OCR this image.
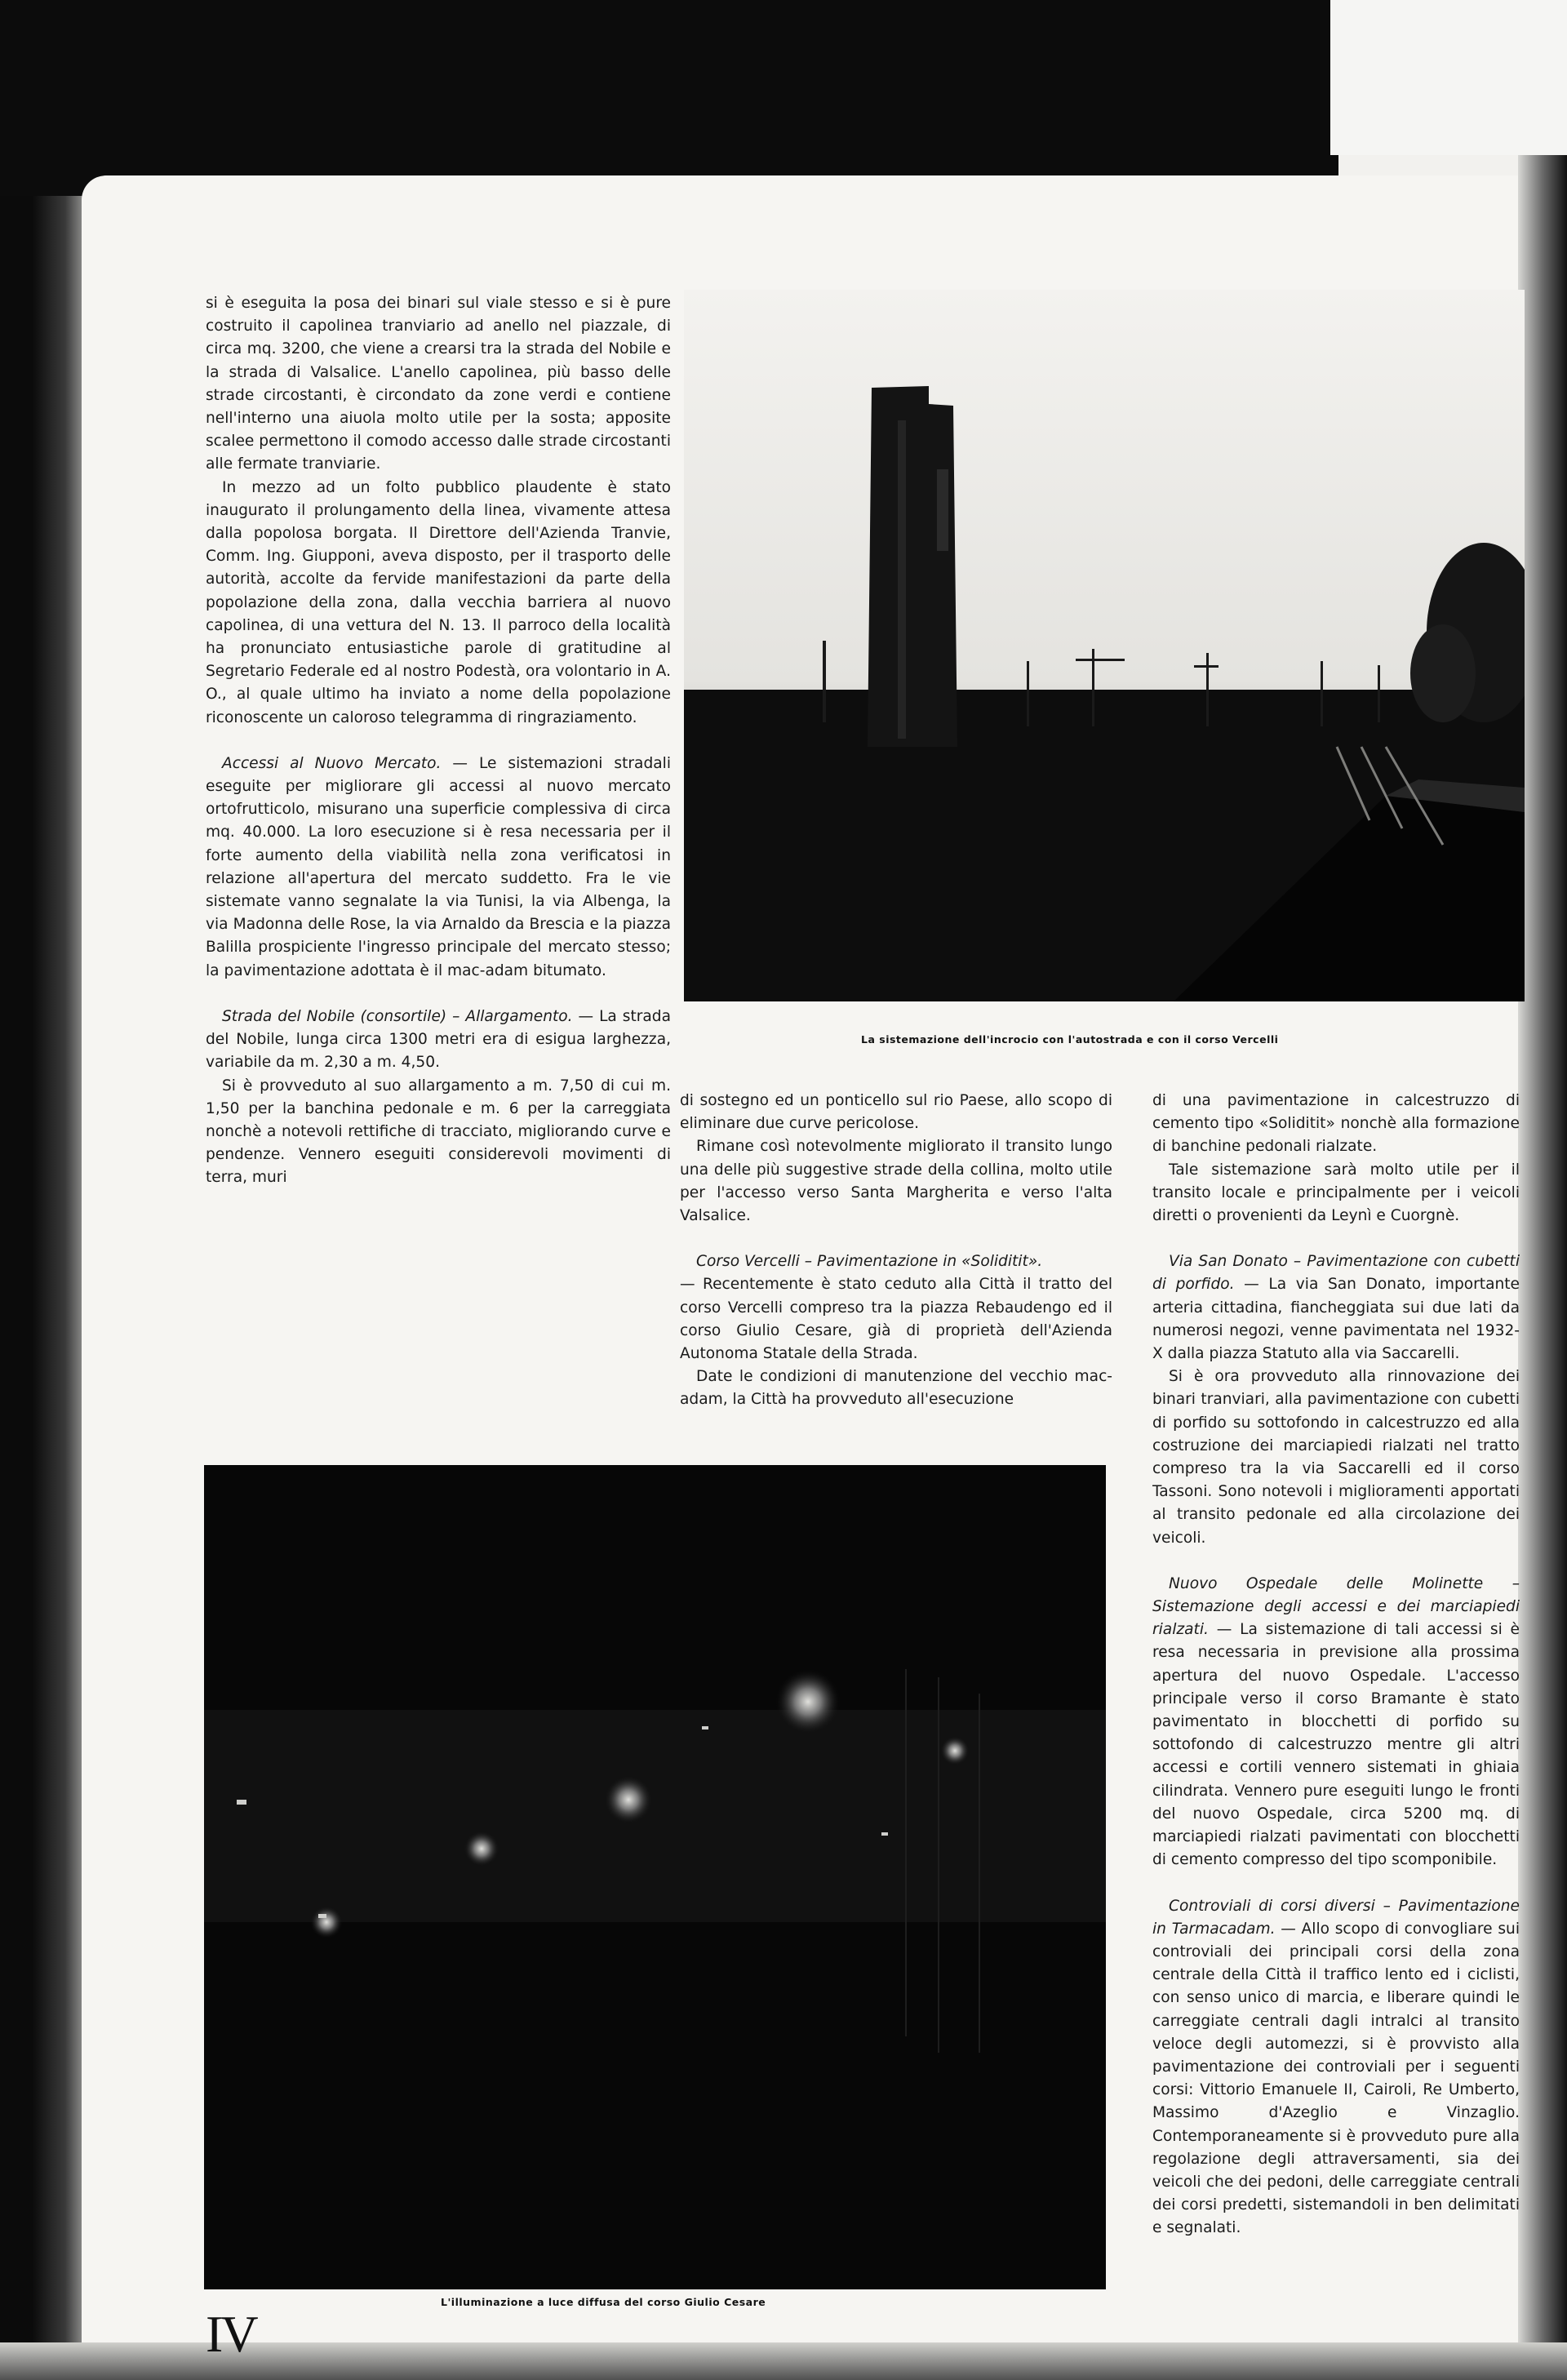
si è eseguita la posa dei binari sul viale stesso e si è pure costruito il capolinea tranviario ad anello nel piazzale, di circa mq. 3200, che viene a crearsi tra la strada del Nobile e la strada di Valsalice. L'anello capolinea, più basso delle strade circostanti, è circondato da zone verdi e contiene nell'interno una aiuola molto utile per la sosta; apposite scalee permettono il comodo accesso dalle strade circostanti alle fermate tranviarie.

In mezzo ad un folto pubblico plaudente è stato inaugurato il prolungamento della linea, vivamente attesa dalla popolosa borgata. Il Direttore dell'Azienda Tranvie, Comm. Ing. Giupponi, aveva disposto, per il trasporto delle autorità, accolte da fervide manifestazioni da parte della popolazione della zona, dalla vecchia barriera al nuovo capolinea, di una vettura del N. 13. Il parroco della località ha pronunciato entusiastiche parole di gratitudine al Segretario Federale ed al nostro Podestà, ora volontario in A. O., al quale ultimo ha inviato a nome della popolazione riconoscente un caloroso telegramma di ringraziamento.

Accessi al Nuovo Mercato. — Le sistemazioni stradali eseguite per migliorare gli accessi al nuovo mercato ortofrutticolo, misurano una superficie complessiva di circa mq. 40.000. La loro esecuzione si è resa necessaria per il forte aumento della viabilità nella zona verificatosi in relazione all'apertura del mercato suddetto. Fra le vie sistemate vanno segnalate la via Tunisi, la via Albenga, la via Madonna delle Rose, la via Arnaldo da Brescia e la piazza Balilla prospiciente l'ingresso principale del mercato stesso; la pavimentazione adottata è il mac-adam bitumato.

Strada del Nobile (consortile) – Allargamento. — La strada del Nobile, lunga circa 1300 metri era di esigua larghezza, variabile da m. 2,30 a m. 4,50.

Si è provveduto al suo allargamento a m. 7,50 di cui m. 1,50 per la banchina pedonale e m. 6 per la carreggiata nonchè a notevoli rettifiche di tracciato, migliorando curve e pendenze. Vennero eseguiti considerevoli movimenti di terra, muri

La sistemazione dell'incrocio con l'autostrada e con il corso Vercelli

di sostegno ed un ponticello sul rio Paese, allo scopo di eliminare due curve pericolose.

Rimane così notevolmente migliorato il transito lungo una delle più suggestive strade della collina, molto utile per l'accesso verso Santa Margherita e verso l'alta Valsalice.

Corso Vercelli – Pavimentazione in «Soliditit».

— Recentemente è stato ceduto alla Città il tratto del corso Vercelli compreso tra la piazza Rebaudengo ed il corso Giulio Cesare, già di proprietà dell'Azienda Autonoma Statale della Strada.

Date le condizioni di manutenzione del vecchio mac-adam, la Città ha provveduto all'esecuzione

di una pavimentazione in calcestruzzo di cemento tipo «Soliditit» nonchè alla formazione di banchine pedonali rialzate.

Tale sistemazione sarà molto utile per il transito locale e principalmente per i veicoli diretti o provenienti da Leynì e Cuorgnè.

Via San Donato – Pavimentazione con cubetti di porfido. — La via San Donato, importante arteria cittadina, fiancheggiata sui due lati da numerosi negozi, venne pavimentata nel 1932-X dalla piazza Statuto alla via Saccarelli.

Si è ora provveduto alla rinnovazione dei binari tranviari, alla pavimentazione con cubetti di porfido su sottofondo in calcestruzzo ed alla costruzione dei marciapiedi rialzati nel tratto compreso tra la via Saccarelli ed il corso Tassoni. Sono notevoli i miglioramenti apportati al transito pedonale ed alla circolazione dei veicoli.

Nuovo Ospedale delle Molinette – Sistemazione degli accessi e dei marciapiedi rialzati. — La sistemazione di tali accessi si è resa necessaria in previsione alla prossima apertura del nuovo Ospedale. L'accesso principale verso il corso Bramante è stato pavimentato in blocchetti di porfido su sottofondo di calcestruzzo mentre gli altri accessi e cortili vennero sistemati in ghiaia cilindrata. Vennero pure eseguiti lungo le fronti del nuovo Ospedale, circa 5200 mq. di marciapiedi rialzati pavimentati con blocchetti di cemento compresso del tipo scomponibile.

Controviali di corsi diversi – Pavimentazione in Tarmacadam. — Allo scopo di convogliare sui controviali dei principali corsi della zona centrale della Città il traffico lento ed i ciclisti, con senso unico di marcia, e liberare quindi le carreggiate centrali dagli intralci al transito veloce degli automezzi, si è provvisto alla pavimentazione dei controviali per i seguenti corsi: Vittorio Emanuele II, Cairoli, Re Umberto, Massimo d'Azeglio e Vinzaglio. Contemporaneamente si è provveduto pure alla regolazione degli attraversamenti, sia dei veicoli che dei pedoni, delle carreggiate centrali dei corsi predetti, sistemandoli in ben delimitati e segnalati.

L'illuminazione a luce diffusa del corso Giulio Cesare
IV
